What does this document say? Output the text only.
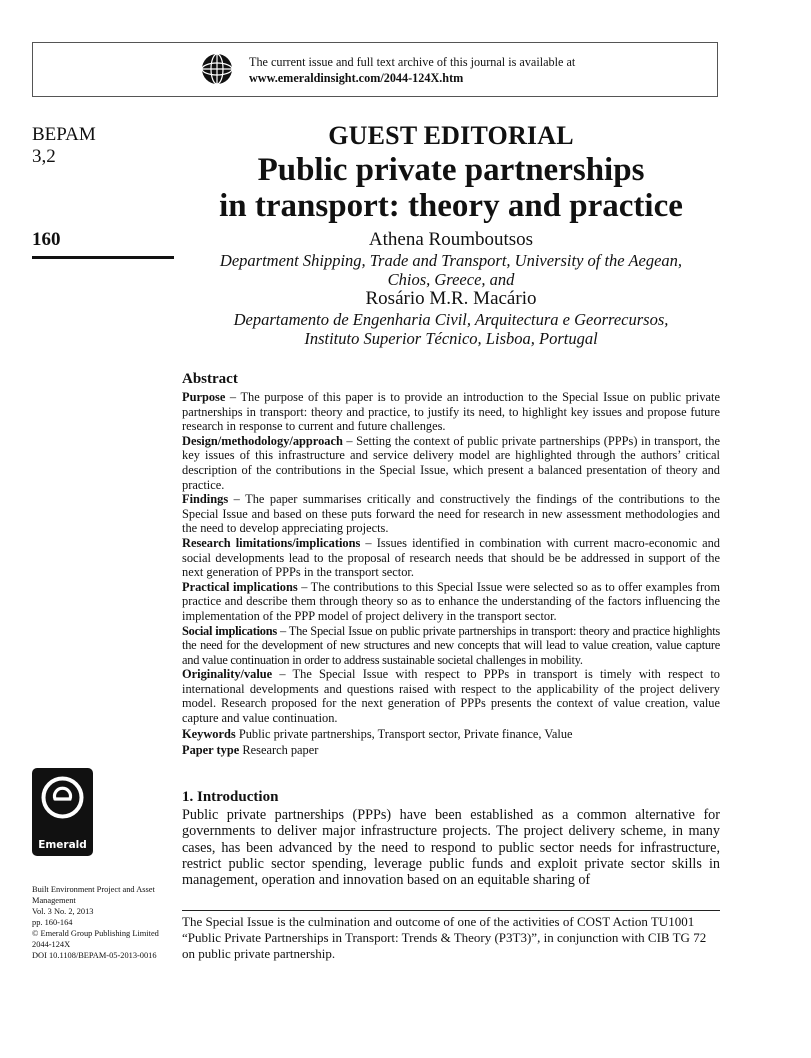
The current issue and full text archive of this journal is available at
www.emeraldinsight.com/2044-124X.htm
BEPAM
3,2
160
GUEST EDITORIAL
Public private partnerships
in transport: theory and practice
Athena Roumboutsos
Department Shipping, Trade and Transport, University of the Aegean,
Chios, Greece, and
Rosário M.R. Macário
Departamento de Engenharia Civil, Arquitectura e Georrecursos,
Instituto Superior Técnico, Lisboa, Portugal
Abstract

Purpose – The purpose of this paper is to provide an introduction to the Special Issue on public private partnerships in transport: theory and practice, to justify its need, to highlight key issues and propose future research in response to current and future challenges.

Design/methodology/approach – Setting the context of public private partnerships (PPPs) in transport, the key issues of this infrastructure and service delivery model are highlighted through the authors’ critical description of the contributions in the Special Issue, which present a balanced presentation of theory and practice.

Findings – The paper summarises critically and constructively the findings of the contributions to the Special Issue and based on these puts forward the need for research in new assessment methodologies and the need to develop appreciating projects.

Research limitations/implications – Issues identified in combination with current macro-economic and social developments lead to the proposal of research needs that should be be addressed in support of the next generation of PPPs in the transport sector.

Practical implications – The contributions to this Special Issue were selected so as to offer examples from practice and describe them through theory so as to enhance the understanding of the factors influencing the implementation of the PPP model of project delivery in the transport sector.

Social implications – The Special Issue on public private partnerships in transport: theory and practice highlights the need for the development of new structures and new concepts that will lead to value creation, value capture and value continuation in order to address sustainable societal challenges in mobility.

Originality/value – The Special Issue with respect to PPPs in transport is timely with respect to international developments and questions raised with respect to the applicability of the project delivery model. Research proposed for the next generation of PPPs presents the context of value creation, value capture and value continuation.

Keywords Public private partnerships, Transport sector, Private finance, Value
Paper type Research paper
Emerald
Built Environment Project and Asset
Management
Vol. 3 No. 2, 2013
pp. 160-164
© Emerald Group Publishing Limited
2044-124X
DOI 10.1108/BEPAM-05-2013-0016
1. Introduction

Public private partnerships (PPPs) have been established as a common alternative for governments to deliver major infrastructure projects. The project delivery scheme, in many cases, has been advanced by the need to respond to public sector needs for infrastructure, restrict public sector spending, leverage public funds and exploit private sector skills in management, operation and innovation based on an equitable sharing of

The Special Issue is the culmination and outcome of one of the activities of COST Action TU1001 “Public Private Partnerships in Transport: Trends & Theory (P3T3)”, in conjunction with CIB TG 72 on public private partnership.
